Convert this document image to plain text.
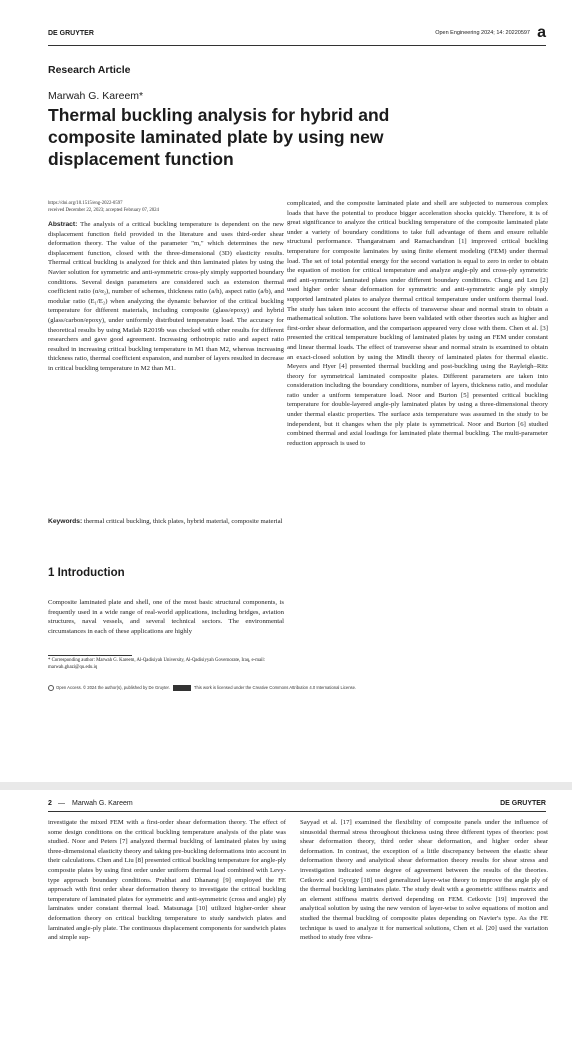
DE GRUYTER	Open Engineering 2024; 14: 20220597 a
Research Article
Marwah G. Kareem*
Thermal buckling analysis for hybrid and composite laminated plate by using new displacement function
https://doi.org/10.1515/eng-2022-0597
received December 22, 2023; accepted February 07, 2024
Abstract: The analysis of a critical buckling temperature is dependent on the new displacement function field provided in the literature and uses third-order shear deformation theory. The value of the parameter "m," which determines the new displacement function, closed with the three-dimensional (3D) elasticity results. Thermal critical buckling is analyzed for thick and thin laminated plates by using the Navier solution for symmetric and anti-symmetric cross-ply simply supported boundary conditions. Several design parameters are considered such as extension thermal coefficient ratio (α/α₂), number of schemes, thickness ratio (a/h), aspect ratio (a/b), and modular ratio (E₁/E₂) when analyzing the dynamic behavior of the critical buckling temperature for different materials, including composite (glass/epoxy) and hybrid (glass/carbon/epoxy), under uniformly distributed temperature load. The accuracy for theoretical results by using Matlab R2019b was checked with other results for different researchers and gave good agreement. Increasing orthotropic ratio and aspect ratio resulted in increasing critical buckling temperature in M1 than M2, whereas increasing thickness ratio, thermal coefficient expansion, and number of layers resulted in decrease in critical buckling temperature in M2 than M1.
Keywords: thermal critical buckling, thick plates, hybrid material, composite material
1 Introduction
Composite laminated plate and shell, one of the most basic structural components, is frequently used in a wide range of real-world applications, including bridges, aviation structures, naval vessels, and several technical sectors. The environmental circumstances in each of these applications are highly
* Corresponding author: Marwah G. Kareem, Al-Qadisiyah University, Al-Qadisiyyah Governorate, Iraq, e-mail: marwah.ghazi@qu.edu.iq
complicated, and the composite laminated plate and shell are subjected to numerous complex loads that have the potential to produce bigger acceleration shocks quickly. Therefore, it is of great significance to analyze the critical buckling temperature of the composite laminated plate under a variety of boundary conditions to take full advantage of them and ensure reliable structural performance. Thangaratnam and Ramachandran [1] improved critical buckling temperature for composite laminates by using finite element modeling (FEM) under thermal load. The set of total potential energy for the second variation is equal to zero in order to obtain the equation of motion for critical temperature and analyze angle-ply and cross-ply symmetric and anti-symmetric laminated plates under different boundary conditions. Chang and Leu [2] used higher order shear deformation for symmetric and anti-symmetric angle ply simply supported laminated plates to analyze thermal critical temperature under uniform thermal load. The study has taken into account the effects of transverse shear and normal strain to obtain a mathematical solution. The solutions have been validated with other theories such as higher and first-order shear deformation, and the comparison appeared very close with them. Chen et al. [3] presented the critical temperature buckling of laminated plates by using an FEM under constant and linear thermal loads. The effect of transverse shear and normal strain is examined to obtain an exact-closed solution by using the Mindli theory of laminated plates for thermal elastic. Meyers and Hyer [4] presented thermal buckling and post-buckling using the Rayleigh–Ritz theory for symmetrical laminated composite plates. Different parameters are taken into consideration including the boundary conditions, number of layers, thickness ratio, and modular ratio under a uniform temperature load. Noor and Burton [5] presented critical buckling temperature for double-layered angle-ply laminated plates by using a three-dimensional theory under thermal elastic properties. The surface axis temperature was assumed in the study to be independent, but it changes when the ply plate is symmetrical. Noor and Burton [6] studied combined thermal and axial loadings for laminated plate thermal buckling. The multi-parameter reduction approach is used to
Open Access. © 2024 the author(s), published by De Gruyter.	This work is licensed under the Creative Commons Attribution 4.0 International License.
2 — Marwah G. Kareem	DE GRUYTER
investigate the mixed FEM with a first-order shear deformation theory. The effect of some design conditions on the critical buckling temperature analysis of the plate was studied. Noor and Peters [7] analyzed thermal buckling of laminated plates by using three-dimensional elasticity theory and taking pre-buckling deformations into account in their calculations. Chen and Liu [8] presented critical buckling temperature for angle-ply composite plates by using first order under uniform thermal load combined with Levy-type approach boundary conditions. Prabhat and Dhanaraj [9] employed the FE approach with first order shear deformation theory to investigate the critical buckling temperature of laminated plates for symmetric and anti-symmetric (cross and angle) ply laminates under constant thermal load. Matsunaga [10] utilized higher-order shear deformation theory on critical buckling temperature to study sandwich plates and laminated angle-ply plate. The continuous displacement components for sandwich plates and simple sup-
Sayyad et al. [17] examined the flexibility of composite panels under the influence of sinusoidal thermal stress throughout thickness using three different types of theories: post shear deformation theory, third order shear deformation, and higher order shear deformation. In contrast, the exception of a little discrepancy between the elastic shear deformation theory and analytical shear deformation theory results for shear stress and investigation indicated some degree of agreement between the results of the theories. Cetkovic and Gyorgy [18] used generalized layer-wise theory to improve the angle ply of the thermal buckling laminates plate. The study dealt with a geometric stiffness matrix and an element stiffness matrix derived depending on FEM. Cetkovic [19] improved the analytical solution by using the new version of layer-wise to solve equations of motion and studied the thermal buckling of composite plates depending on Navier's type. As the FE technique is used to analyze it for numerical solutions, Chen et al. [20] used the variation method to study free vibra-
